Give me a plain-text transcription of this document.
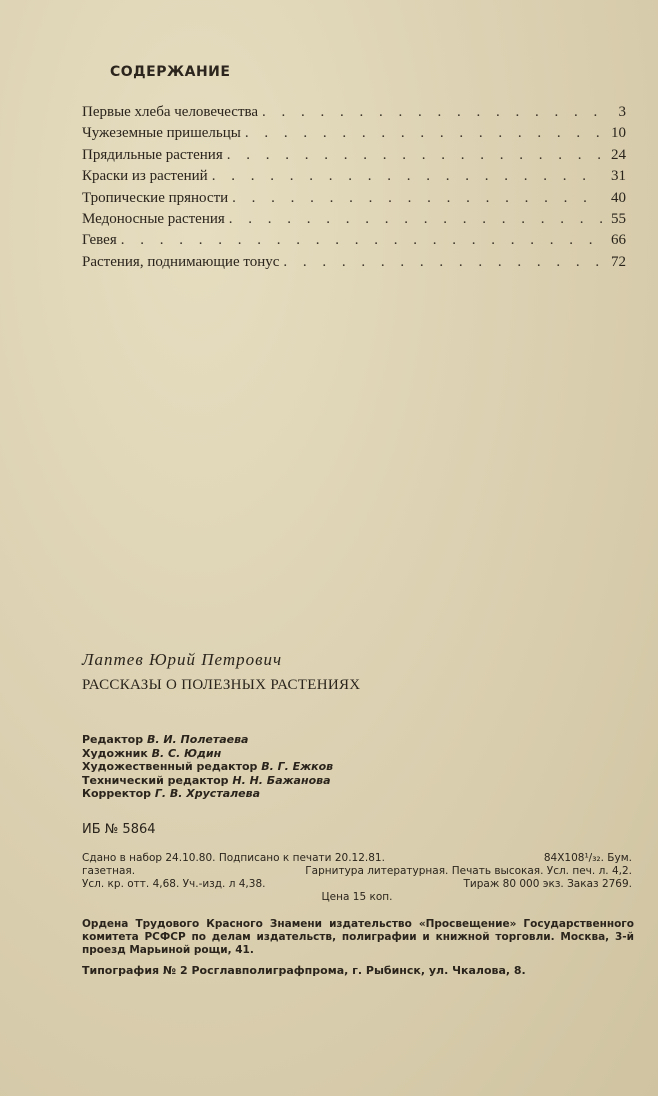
СОДЕРЖАНИЕ
Первые хлеба человечества . . .	3
Чужеземные пришельцы . . .	10
Прядильные растения . . .	24
Краски из растений . . .	31
Тропические пряности . . .	40
Медоносные растения . . .	55
Гевея . . .	66
Растения, поднимающие тонус . . .	72
Лаптев Юрий Петрович
РАССКАЗЫ О ПОЛЕЗНЫХ РАСТЕНИЯХ
Редактор В. И. Полетаева
Художник В. С. Юдин
Художественный редактор В. Г. Ежков
Технический редактор Н. Н. Бажанова
Корректор Г. В. Хрусталева
ИБ № 5864
Сдано в набор 24.10.80. Подписано к печати 20.12.81.	84Х108¹/₃₂. Бум.
газетная.	Гарнитура литературная. Печать высокая. Усл. печ. л. 4,2.
Усл. кр. отт. 4,68. Уч.-изд. л 4,38.	Тираж 80 000 экз. Заказ 2769.
Цена 15 коп.
Ордена Трудового Красного Знамени издательство «Просвещение» Государственного комитета РСФСР по делам издательств, полиграфии и книжной торговли. Москва, 3-й проезд Марьиной рощи, 41.
Типография № 2 Росглавполиграфпрома, г. Рыбинск, ул. Чкалова, 8.
